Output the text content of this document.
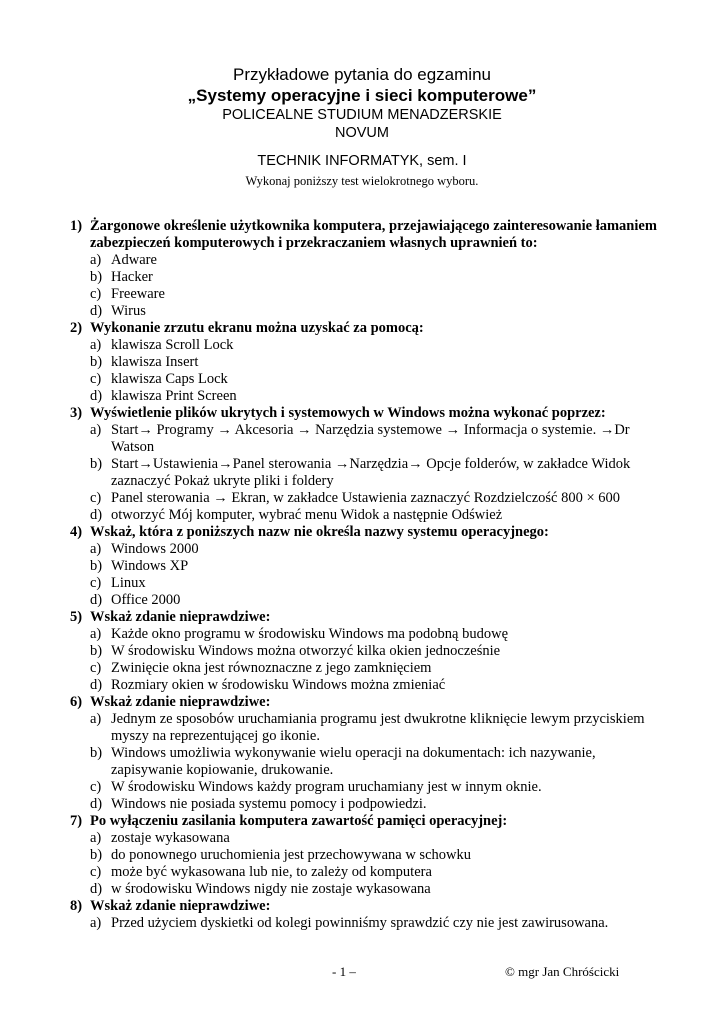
Przykładowe pytania do egzaminu
„Systemy operacyjne i sieci komputerowe”
POLICEALNE STUDIUM MENADZERSKIE
NOVUM
TECHNIK INFORMATYK, sem. I
Wykonaj poniższy test wielokrotnego wyboru.
1) Żargonowe określenie użytkownika komputera, przejawiającego zainteresowanie łamaniem zabezpieczeń komputerowych i przekraczaniem własnych uprawnień to:
a) Adware
b) Hacker
c) Freeware
d) Wirus
2) Wykonanie zrzutu ekranu można uzyskać za pomocą:
a) klawisza Scroll Lock
b) klawisza Insert
c) klawisza Caps Lock
d) klawisza Print Screen
3) Wyświetlenie plików ukrytych i systemowych w Windows można wykonać poprzez:
a) Start→ Programy → Akcesoria → Narzędzia systemowe → Informacja o systemie. →Dr Watson
b) Start→Ustawienia→Panel sterowania →Narzędzia→ Opcje folderów, w zakładce Widok zaznaczyć Pokaż ukryte pliki i foldery
c) Panel sterowania → Ekran, w zakładce Ustawienia zaznaczyć Rozdzielczość 800 × 600
d) otworzyć Mój komputer, wybrać menu Widok a następnie Odśwież
4) Wskaż, która z poniższych nazw nie określa nazwy systemu operacyjnego:
a) Windows 2000
b) Windows XP
c) Linux
d) Office 2000
5) Wskaż zdanie nieprawdziwe:
a) Każde okno programu w środowisku Windows ma podobną budowę
b) W środowisku Windows można otworzyć kilka okien jednocześnie
c) Zwinięcie okna jest równoznaczne z jego zamknięciem
d) Rozmiary okien w środowisku Windows można zmieniać
6) Wskaż zdanie nieprawdziwe:
a) Jednym ze sposobów uruchamiania programu jest dwukrotne kliknięcie lewym przyciskiem myszy na reprezentującej go ikonie.
b) Windows umożliwia wykonywanie wielu operacji na dokumentach: ich nazywanie, zapisywanie kopiowanie, drukowanie.
c) W środowisku Windows każdy program uruchamiany jest w innym oknie.
d) Windows nie posiada systemu pomocy i podpowiedzi.
7) Po wyłączeniu zasilania komputera zawartość pamięci operacyjnej:
a) zostaje wykasowana
b) do ponownego uruchomienia jest przechowywana w schowku
c) może być wykasowana lub nie, to zależy od komputera
d) w środowisku Windows nigdy nie zostaje wykasowana
8) Wskaż zdanie nieprawdziwe:
a) Przed użyciem dyskietki od kolegi powinniśmy sprawdzić czy nie jest zawirusowana.
- 1 –	© mgr Jan Chróścicki
